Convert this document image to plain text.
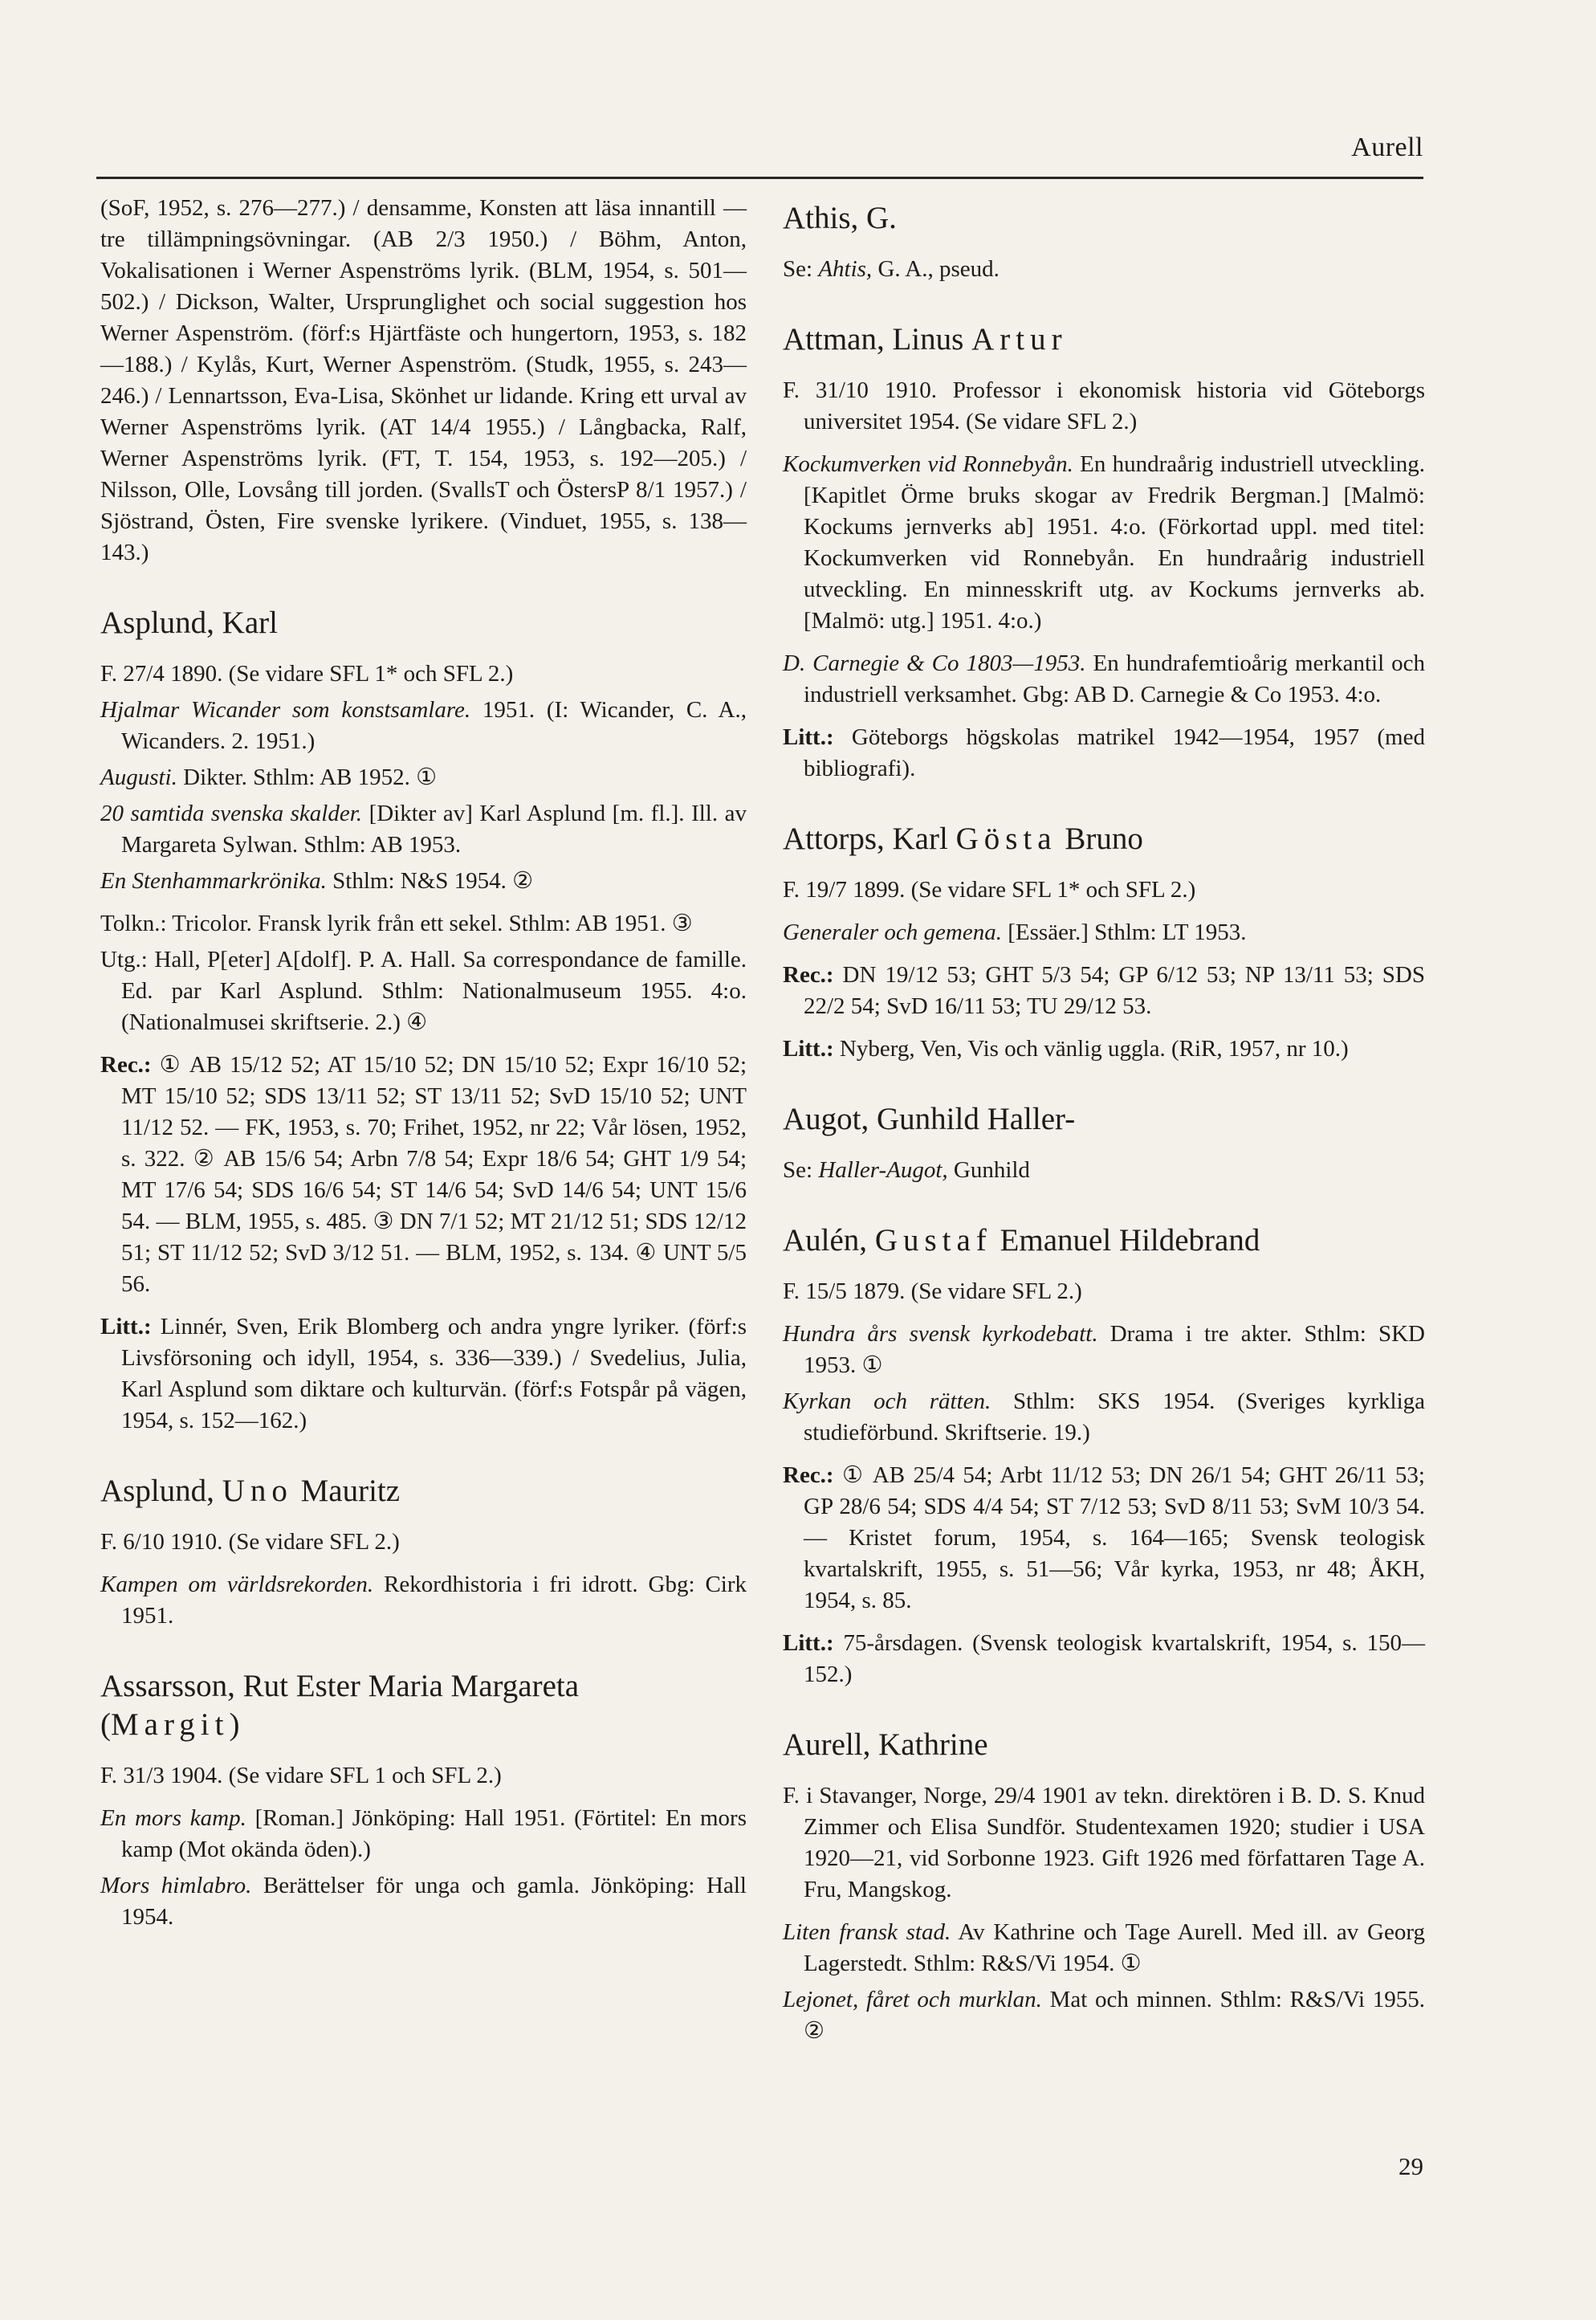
Aurell

(SoF, 1952, s. 276—277.) / densamme, Konsten att läsa innantill — tre tillämpningsövningar. (AB 2/3 1950.) / Böhm, Anton, Vokalisationen i Werner Aspenströms lyrik. (BLM, 1954, s. 501—502.) / Dickson, Walter, Ursprunglighet och social suggestion hos Werner Aspenström. (förf:s Hjärtfäste och hungertorn, 1953, s. 182—188.) / Kylås, Kurt, Werner Aspenström. (Studk, 1955, s. 243—246.) / Lennartsson, Eva-Lisa, Skönhet ur lidande. Kring ett urval av Werner Aspenströms lyrik. (AT 14/4 1955.) / Långbacka, Ralf, Werner Aspenströms lyrik. (FT, T. 154, 1953, s. 192—205.) / Nilsson, Olle, Lovsång till jorden. (SvallsT och ÖstersP 8/1 1957.) / Sjöstrand, Östen, Fire svenske lyrikere. (Vinduet, 1955, s. 138—143.)

Asplund, Karl

F. 27/4 1890. (Se vidare SFL 1* och SFL 2.)

Hjalmar Wicander som konstsamlare. 1951. (I: Wicander, C. A., Wicanders. 2. 1951.)

Augusti. Dikter. Sthlm: AB 1952. ①

20 samtida svenska skalder. [Dikter av] Karl Asplund [m. fl.]. Ill. av Margareta Sylwan. Sthlm: AB 1953.

En Stenhammarkrönika. Sthlm: N&S 1954. ②

Tolkn.: Tricolor. Fransk lyrik från ett sekel. Sthlm: AB 1951. ③

Utg.: Hall, P[eter] A[dolf]. P. A. Hall. Sa correspondance de famille. Ed. par Karl Asplund. Sthlm: Nationalmuseum 1955. 4:o. (Nationalmusei skriftserie. 2.) ④

Rec.: ① AB 15/12 52; AT 15/10 52; DN 15/10 52; Expr 16/10 52; MT 15/10 52; SDS 13/11 52; ST 13/11 52; SvD 15/10 52; UNT 11/12 52. — FK, 1953, s. 70; Frihet, 1952, nr 22; Vår lösen, 1952, s. 322. ② AB 15/6 54; Arbn 7/8 54; Expr 18/6 54; GHT 1/9 54; MT 17/6 54; SDS 16/6 54; ST 14/6 54; SvD 14/6 54; UNT 15/6 54. — BLM, 1955, s. 485. ③ DN 7/1 52; MT 21/12 51; SDS 12/12 51; ST 11/12 52; SvD 3/12 51. — BLM, 1952, s. 134. ④ UNT 5/5 56.

Litt.: Linnér, Sven, Erik Blomberg och andra yngre lyriker. (förf:s Livsförsoning och idyll, 1954, s. 336—339.) / Svedelius, Julia, Karl Asplund som diktare och kulturvän. (förf:s Fotspår på vägen, 1954, s. 152—162.)

Asplund, Uno Mauritz

F. 6/10 1910. (Se vidare SFL 2.)

Kampen om världsrekorden. Rekordhistoria i fri idrott. Gbg: Cirk 1951.

Assarsson, Rut Ester Maria Margareta
(Margit)

F. 31/3 1904. (Se vidare SFL 1 och SFL 2.)

En mors kamp. [Roman.] Jönköping: Hall 1951. (Förtitel: En mors kamp (Mot okända öden).)

Mors himlabro. Berättelser för unga och gamla. Jönköping: Hall 1954.

Athis, G.

Se: Ahtis, G. A., pseud.

Attman, Linus Artur

F. 31/10 1910. Professor i ekonomisk historia vid Göteborgs universitet 1954. (Se vidare SFL 2.)

Kockumverken vid Ronnebyån. En hundraårig industriell utveckling. [Kapitlet Örme bruks skogar av Fredrik Bergman.] [Malmö: Kockums jernverks ab] 1951. 4:o. (Förkortad uppl. med titel: Kockumverken vid Ronnebyån. En hundraårig industriell utveckling. En minnesskrift utg. av Kockums jernverks ab. [Malmö: utg.] 1951. 4:o.)

D. Carnegie & Co 1803—1953. En hundrafemtioårig merkantil och industriell verksamhet. Gbg: AB D. Carnegie & Co 1953. 4:o.

Litt.: Göteborgs högskolas matrikel 1942—1954, 1957 (med bibliografi).

Attorps, Karl Gösta Bruno

F. 19/7 1899. (Se vidare SFL 1* och SFL 2.)

Generaler och gemena. [Essäer.] Sthlm: LT 1953.

Rec.: DN 19/12 53; GHT 5/3 54; GP 6/12 53; NP 13/11 53; SDS 22/2 54; SvD 16/11 53; TU 29/12 53.

Litt.: Nyberg, Ven, Vis och vänlig uggla. (RiR, 1957, nr 10.)

Augot, Gunhild Haller-

Se: Haller-Augot, Gunhild

Aulén, Gustaf Emanuel Hildebrand

F. 15/5 1879. (Se vidare SFL 2.)

Hundra års svensk kyrkodebatt. Drama i tre akter. Sthlm: SKD 1953. ①

Kyrkan och rätten. Sthlm: SKS 1954. (Sveriges kyrkliga studieförbund. Skriftserie. 19.)

Rec.: ① AB 25/4 54; Arbt 11/12 53; DN 26/1 54; GHT 26/11 53; GP 28/6 54; SDS 4/4 54; ST 7/12 53; SvD 8/11 53; SvM 10/3 54. — Kristet forum, 1954, s. 164—165; Svensk teologisk kvartalskrift, 1955, s. 51—56; Vår kyrka, 1953, nr 48; ÅKH, 1954, s. 85.

Litt.: 75-årsdagen. (Svensk teologisk kvartalskrift, 1954, s. 150—152.)

Aurell, Kathrine

F. i Stavanger, Norge, 29/4 1901 av tekn. direktören i B. D. S. Knud Zimmer och Elisa Sundför. Studentexamen 1920; studier i USA 1920—21, vid Sorbonne 1923. Gift 1926 med författaren Tage A. Fru, Mangskog.

Liten fransk stad. Av Kathrine och Tage Aurell. Med ill. av Georg Lagerstedt. Sthlm: R&S/Vi 1954. ①

Lejonet, fåret och murklan. Mat och minnen. Sthlm: R&S/Vi 1955. ②

29
